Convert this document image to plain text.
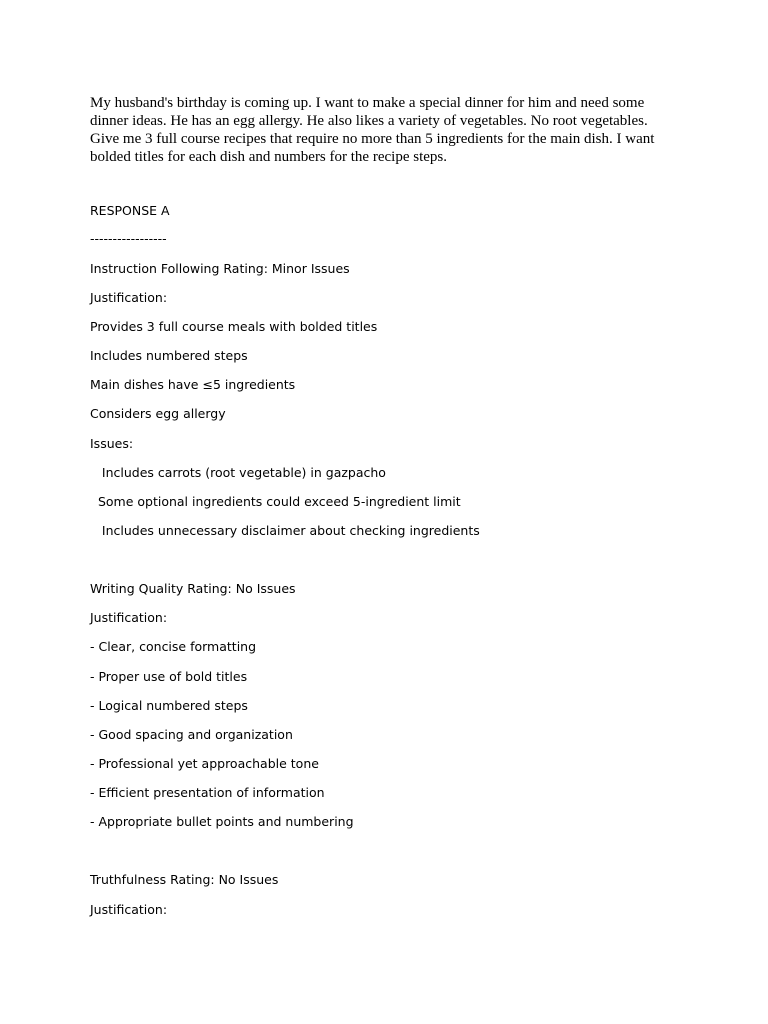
My husband's birthday is coming up. I want to make a special dinner for him and need some dinner ideas. He has an egg allergy. He also likes a variety of vegetables. No root vegetables. Give me 3 full course recipes that require no more than 5 ingredients for the main dish. I want bolded titles for each dish and numbers for the recipe steps.

RESPONSE A
-----------------
Instruction Following Rating: Minor Issues
Justification:
Provides 3 full course meals with bolded titles
Includes numbered steps
Main dishes have ≤5 ingredients
Considers egg allergy
Issues:
Includes carrots (root vegetable) in gazpacho
Some optional ingredients could exceed 5-ingredient limit
Includes unnecessary disclaimer about checking ingredients
Writing Quality Rating: No Issues
Justification:
- Clear, concise formatting
- Proper use of bold titles
- Logical numbered steps
- Good spacing and organization
- Professional yet approachable tone
- Efficient presentation of information
- Appropriate bullet points and numbering
Truthfulness Rating: No Issues
Justification:
